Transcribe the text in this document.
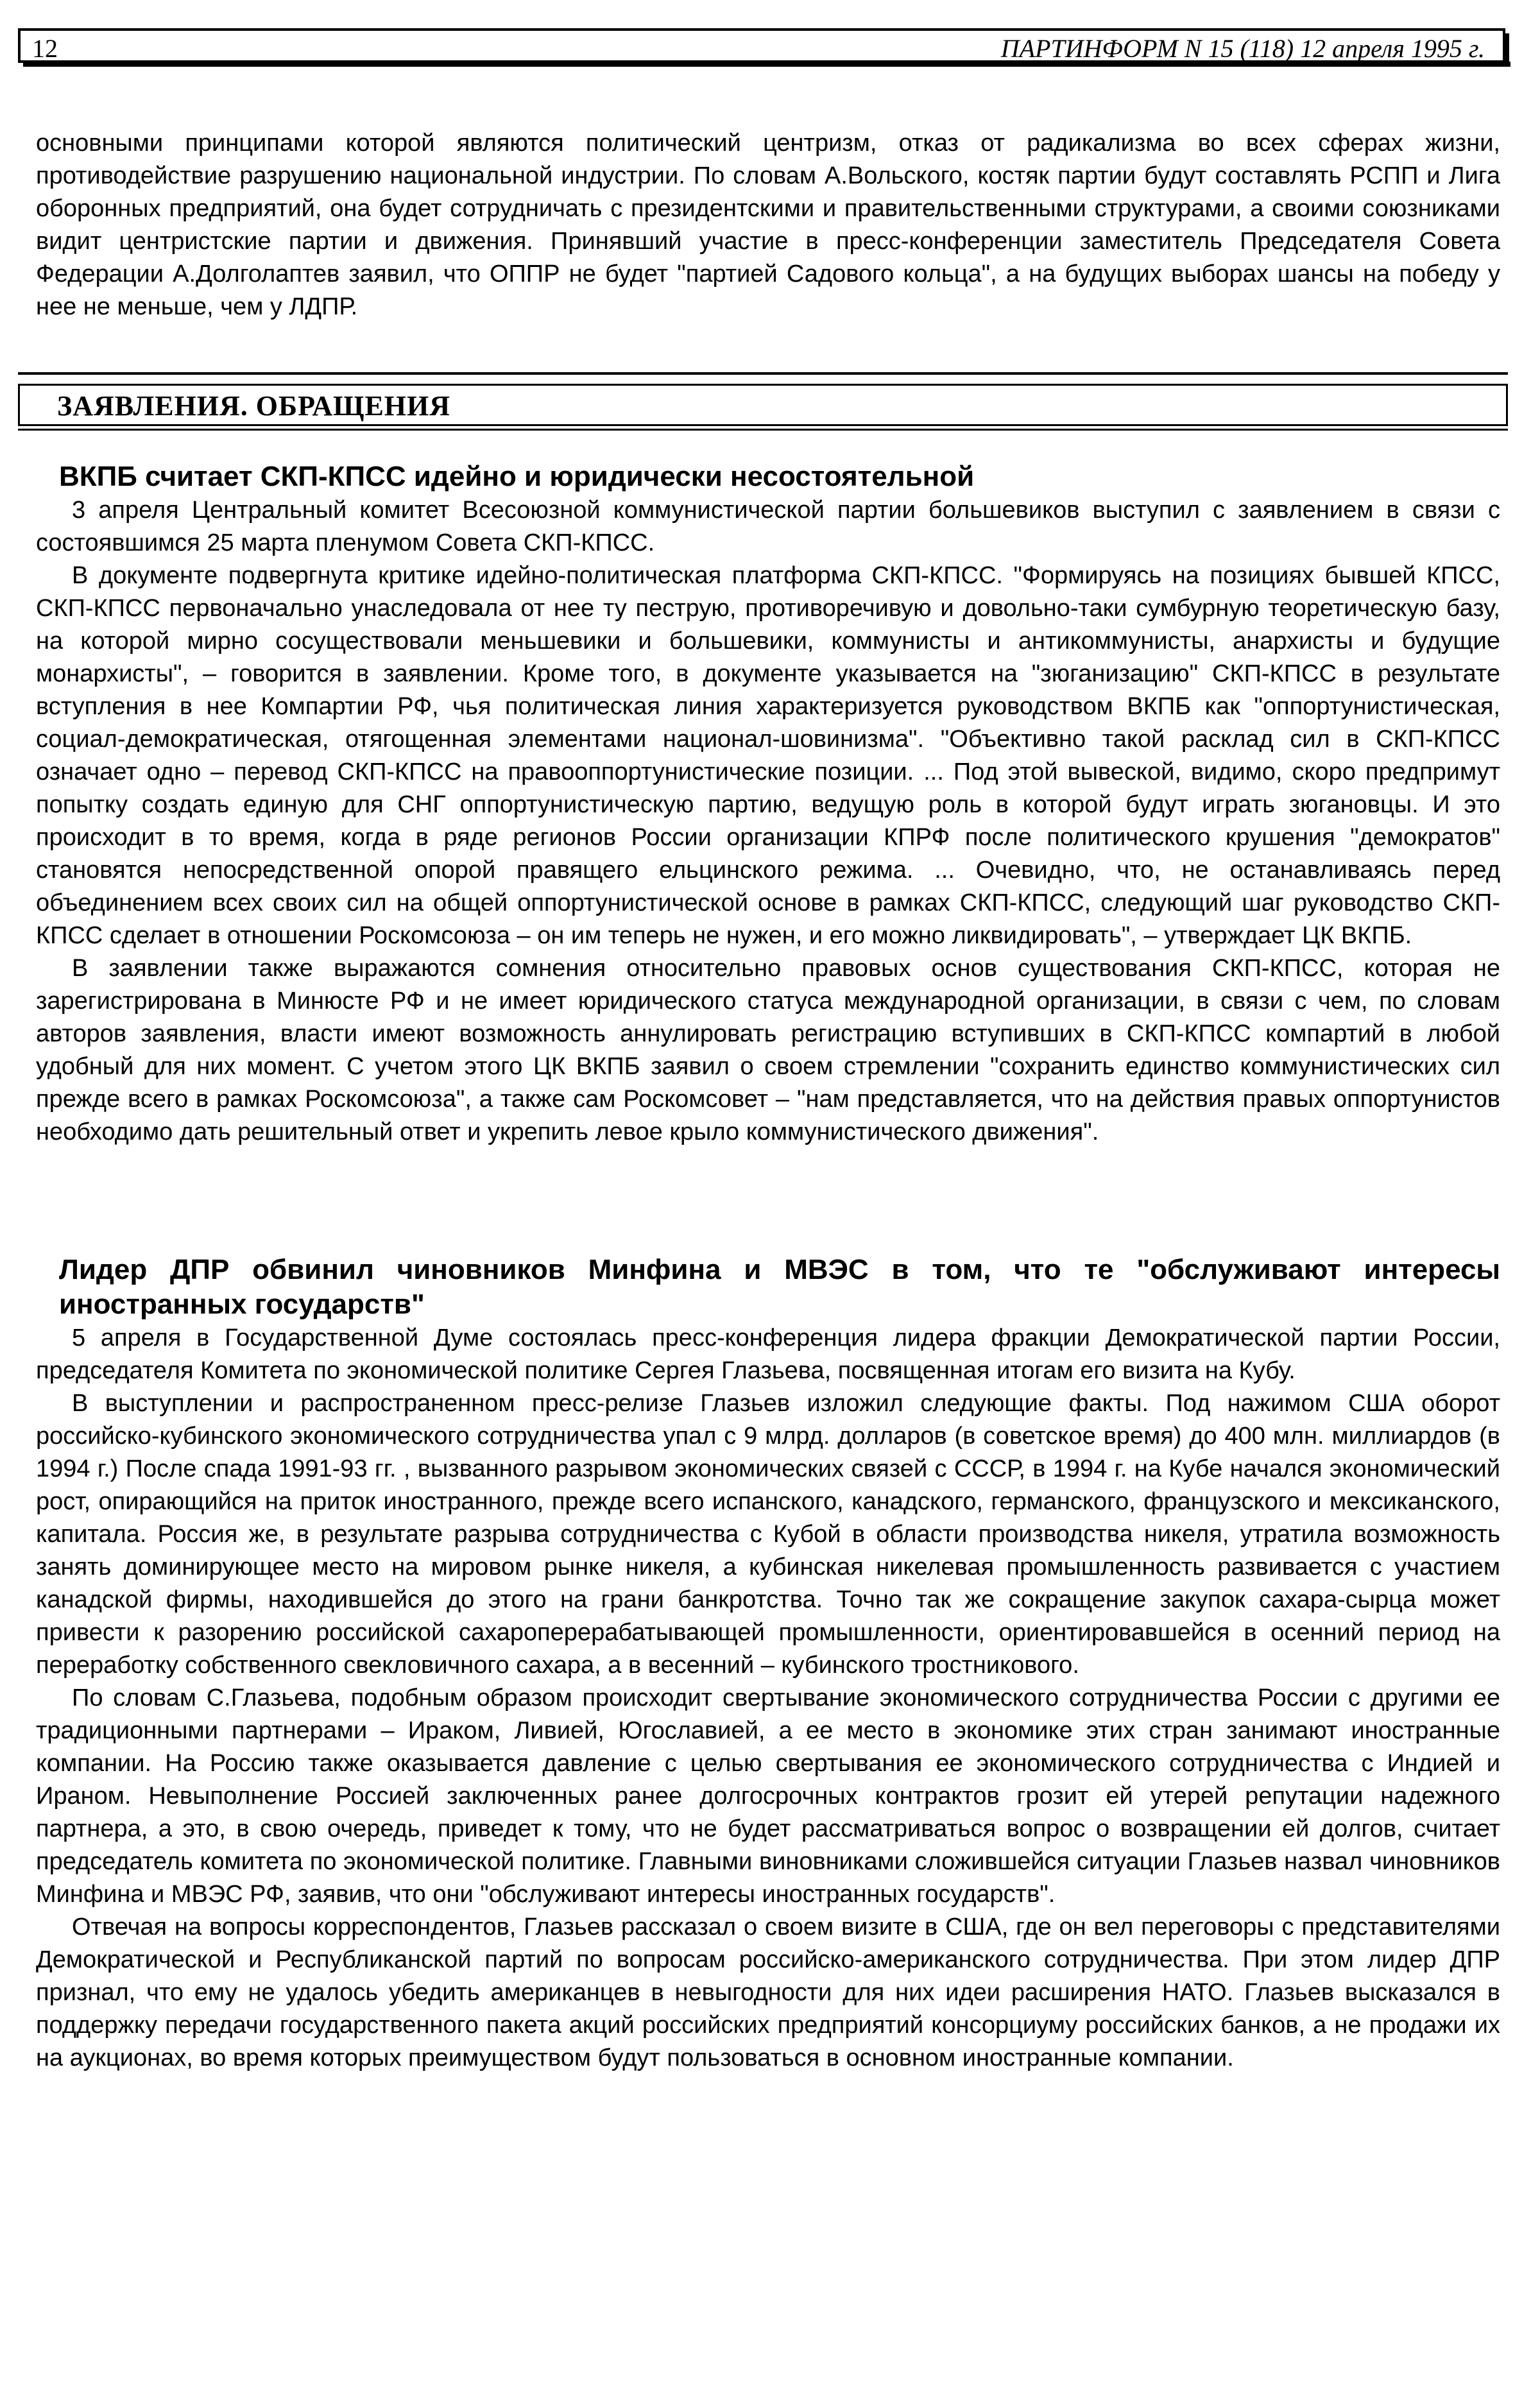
12	ПАРТИНФОРМ N 15 (118) 12 апреля 1995 г.

основными принципами которой являются политический центризм, отказ от радикализма во всех сферах жизни, противодействие разрушению национальной индустрии. По словам А.Вольского, костяк партии будут составлять РСПП и Лига оборонных предприятий, она будет сотрудничать с президентскими и правительственными структурами, а своими союзниками видит центристские партии и движения. Принявший участие в пресс-конференции заместитель Председателя Совета Федерации А.Долголаптев заявил, что ОППР не будет "партией Садового кольца", а на будущих выборах шансы на победу у нее не меньше, чем у ЛДПР.

ЗАЯВЛЕНИЯ. ОБРАЩЕНИЯ

ВКПБ считает СКП-КПСС идейно и юридически несостоятельной

3 апреля Центральный комитет Всесоюзной коммунистической партии большевиков выступил с заявлением в связи с состоявшимся 25 марта пленумом Совета СКП-КПСС.

В документе подвергнута критике идейно-политическая платформа СКП-КПСС. "Формируясь на позициях бывшей КПСС, СКП-КПСС первоначально унаследовала от нее ту пеструю, противоречивую и довольно-таки сумбурную теоретическую базу, на которой мирно сосуществовали меньшевики и большевики, коммунисты и антикоммунисты, анархисты и будущие монархисты", – говорится в заявлении. Кроме того, в документе указывается на "зюганизацию" СКП-КПСС в результате вступления в нее Компартии РФ, чья политическая линия характеризуется руководством ВКПБ как "оппортунистическая, социал-демократическая, отягощенная элементами национал-шовинизма". "Объективно такой расклад сил в СКП-КПСС означает одно – перевод СКП-КПСС на правооппортунистические позиции. ... Под этой вывеской, видимо, скоро предпримут попытку создать единую для СНГ оппортунистическую партию, ведущую роль в которой будут играть зюгановцы. И это происходит в то время, когда в ряде регионов России организации КПРФ после политического крушения "демократов" становятся непосредственной опорой правящего ельцинского режима. ... Очевидно, что, не останавливаясь перед объединением всех своих сил на общей оппортунистической основе в рамках СКП-КПСС, следующий шаг руководство СКП-КПСС сделает в отношении Роскомсоюза – он им теперь не нужен, и его можно ликвидировать", – утверждает ЦК ВКПБ.

В заявлении также выражаются сомнения относительно правовых основ существования СКП-КПСС, которая не зарегистрирована в Минюсте РФ и не имеет юридического статуса международной организации, в связи с чем, по словам авторов заявления, власти имеют возможность аннулировать регистрацию вступивших в СКП-КПСС компартий в любой удобный для них момент. С учетом этого ЦК ВКПБ заявил о своем стремлении "сохранить единство коммунистических сил прежде всего в рамках Роскомсоюза", а также сам Роскомсовет – "нам представляется, что на действия правых оппортунистов необходимо дать решительный ответ и укрепить левое крыло коммунистического движения".

Лидер ДПР обвинил чиновников Минфина и МВЭС в том, что те "обслуживают интересы иностранных государств"

5 апреля в Государственной Думе состоялась пресс-конференция лидера фракции Демократической партии России, председателя Комитета по экономической политике Сергея Глазьева, посвященная итогам его визита на Кубу.

В выступлении и распространенном пресс-релизе Глазьев изложил следующие факты. Под нажимом США оборот российско-кубинского экономического сотрудничества упал с 9 млрд. долларов (в советское время) до 400 млн. миллиардов (в 1994 г.) После спада 1991-93 гг. , вызванного разрывом экономических связей с СССР, в 1994 г. на Кубе начался экономический рост, опирающийся на приток иностранного, прежде всего испанского, канадского, германского, французского и мексиканского, капитала. Россия же, в результате разрыва сотрудничества с Кубой в области производства никеля, утратила возможность занять доминирующее место на мировом рынке никеля, а кубинская никелевая промышленность развивается с участием канадской фирмы, находившейся до этого на грани банкротства. Точно так же сокращение закупок сахара-сырца может привести к разорению российской сахароперерабатывающей промышленности, ориентировавшейся в осенний период на переработку собственного свекловичного сахара, а в весенний – кубинского тростникового.

По словам С.Глазьева, подобным образом происходит свертывание экономического сотрудничества России с другими ее традиционными партнерами – Ираком, Ливией, Югославией, а ее место в экономике этих стран занимают иностранные компании. На Россию также оказывается давление с целью свертывания ее экономического сотрудничества с Индией и Ираном. Невыполнение Россией заключенных ранее долгосрочных контрактов грозит ей утерей репутации надежного партнера, а это, в свою очередь, приведет к тому, что не будет рассматриваться вопрос о возвращении ей долгов, считает председатель комитета по экономической политике. Главными виновниками сложившейся ситуации Глазьев назвал чиновников Минфина и МВЭС РФ, заявив, что они "обслуживают интересы иностранных государств".

Отвечая на вопросы корреспондентов, Глазьев рассказал о своем визите в США, где он вел переговоры с представителями Демократической и Республиканской партий по вопросам российско-американского сотрудничества. При этом лидер ДПР признал, что ему не удалось убедить американцев в невыгодности для них идеи расширения НАТО. Глазьев высказался в поддержку передачи государственного пакета акций российских предприятий консорциуму российских банков, а не продажи их на аукционах, во время которых преимуществом будут пользоваться в основном иностранные компании.
